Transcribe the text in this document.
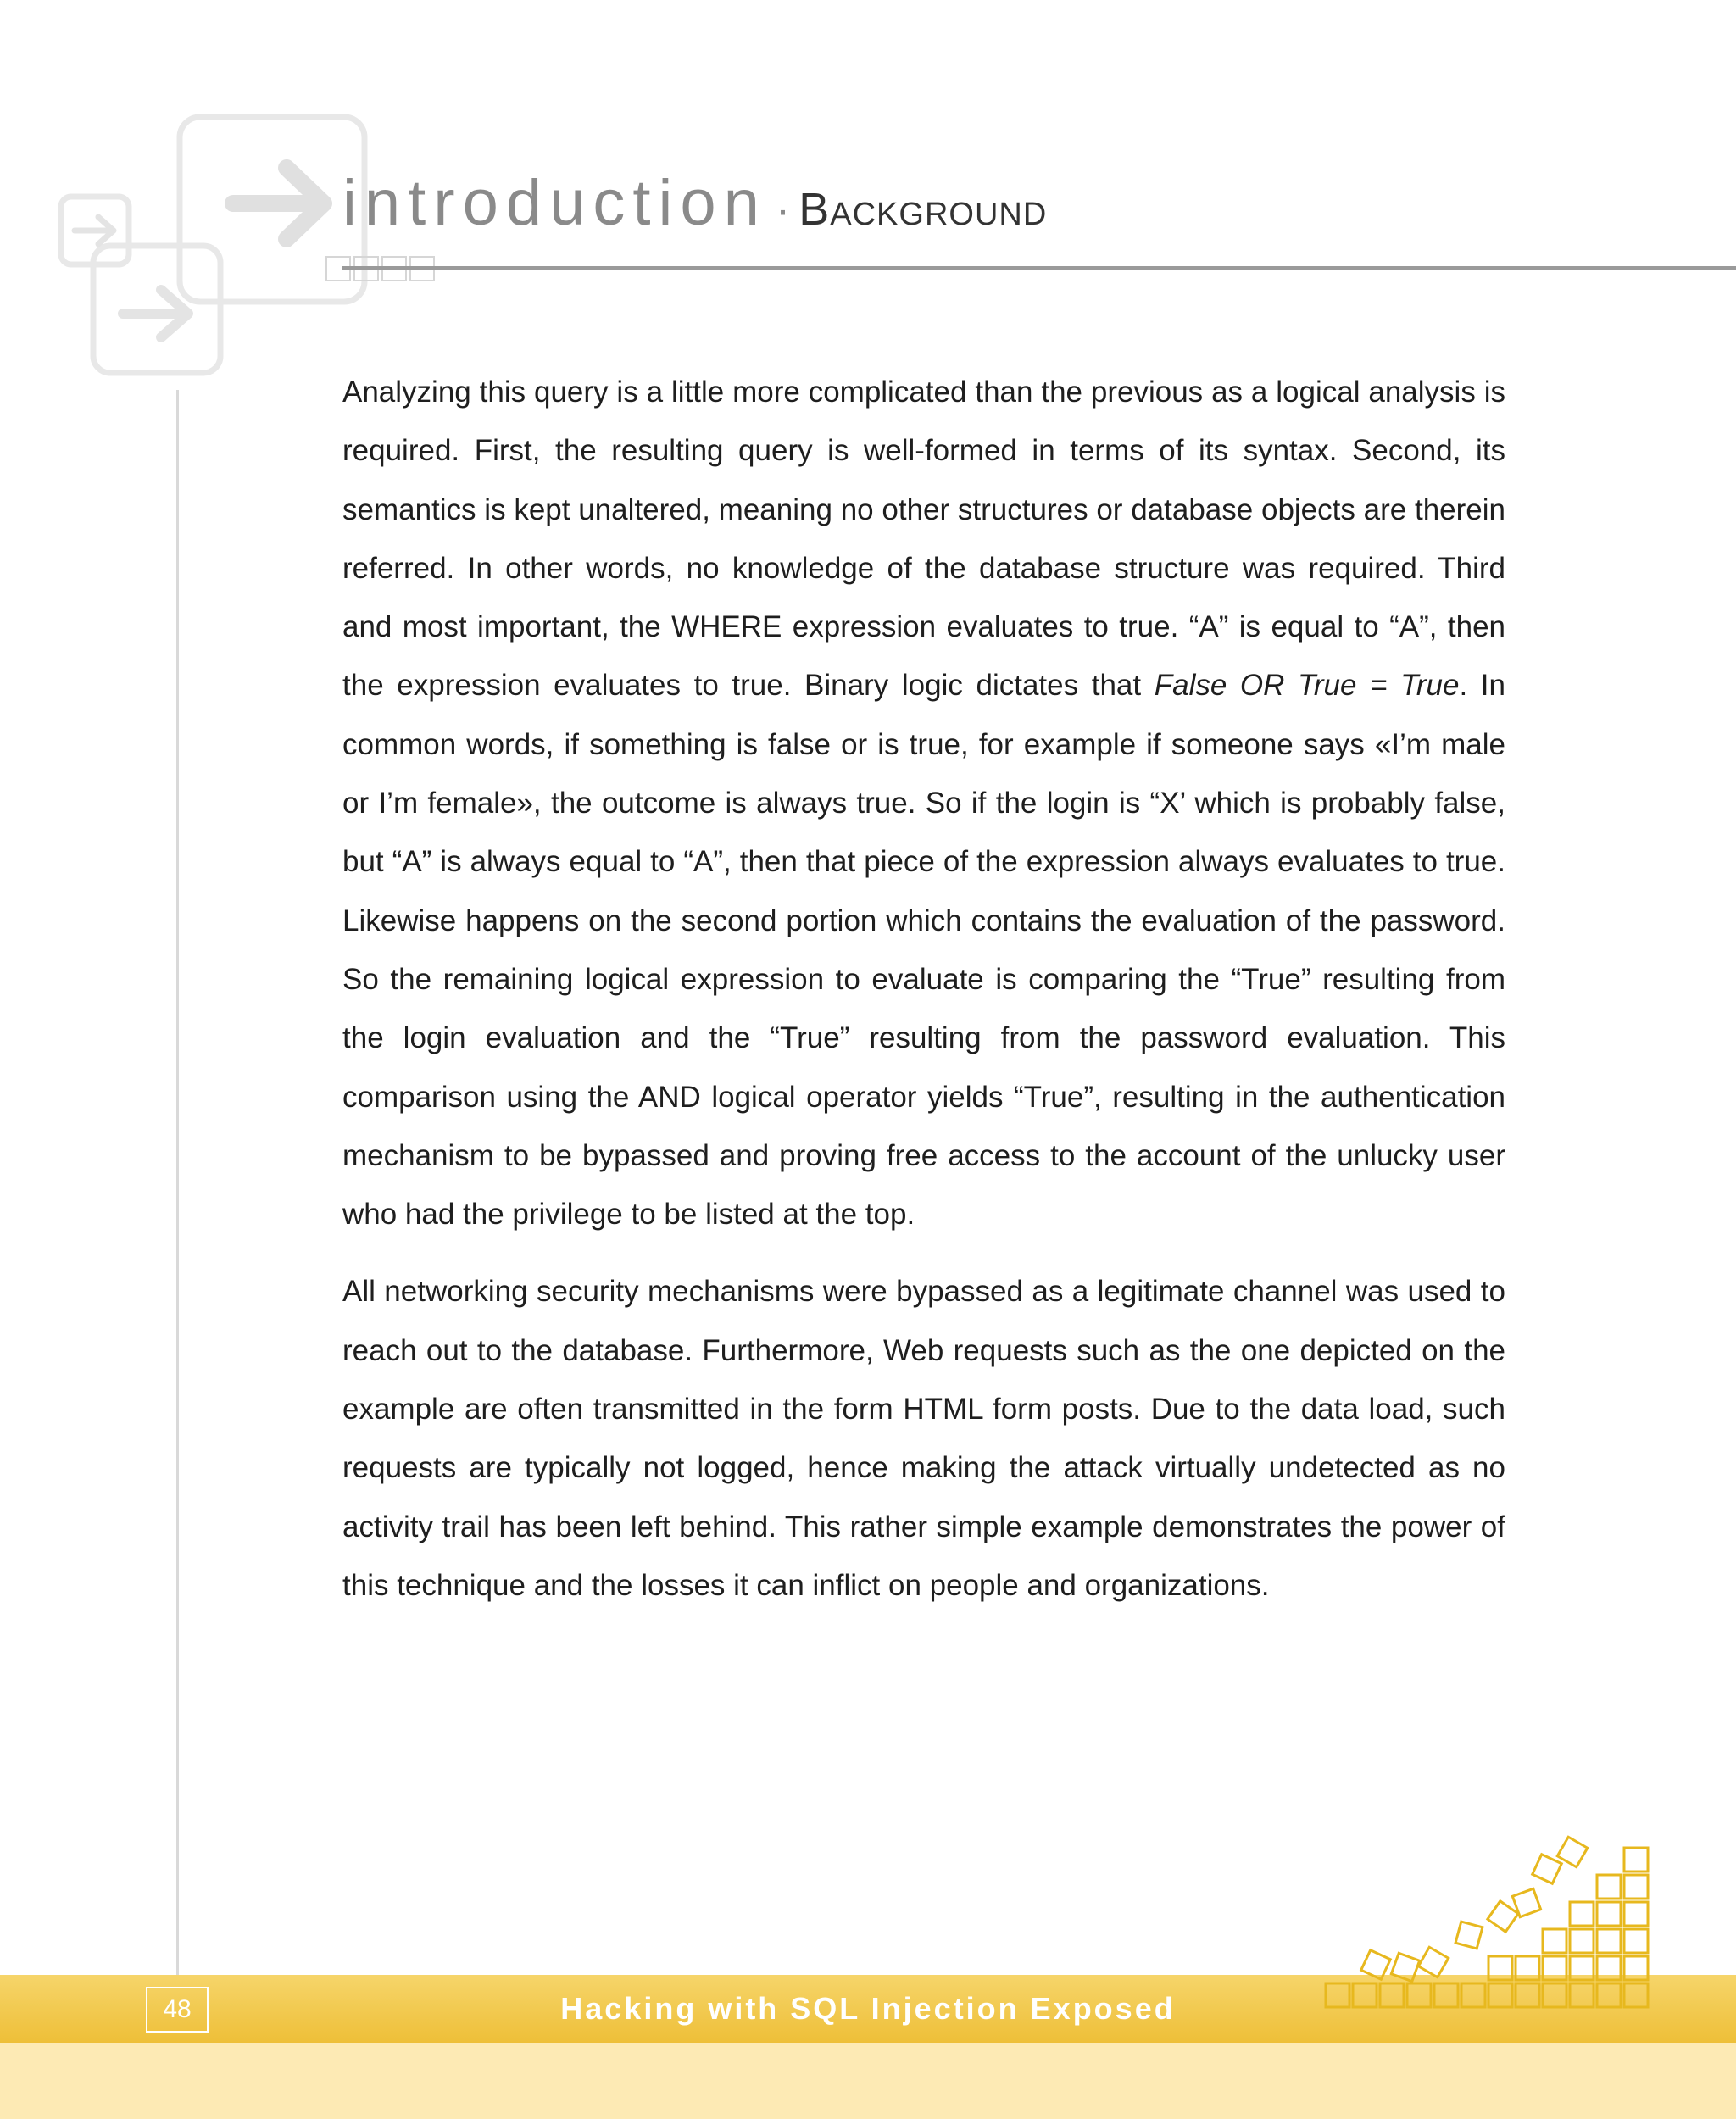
introduction · Background

Analyzing this query is a little more complicated than the previous as a logical analysis is required. First, the resulting query is well-formed in terms of its syntax. Second, its semantics is kept unaltered, meaning no other structures or database objects are therein referred. In other words, no knowledge of the database structure was required. Third and most important, the WHERE expression evaluates to true. “A” is equal to “A”, then the expression evaluates to true. Binary logic dictates that False OR True = True. In common words, if something is false or is true, for example if someone says «I’m male or I’m female», the outcome is always true. So if the login is “X’ which is probably false, but “A” is always equal to “A”, then that piece of the expression always evaluates to true. Likewise happens on the second portion which contains the evaluation of the password. So the remaining logical expression to evaluate is comparing the “True” resulting from the login evaluation and the “True” resulting from the password evaluation. This comparison using the AND logical operator yields “True”, resulting in the authentication mechanism to be bypassed and proving free access to the account of the unlucky user who had the privilege to be listed at the top.

All networking security mechanisms were bypassed as a legitimate channel was used to reach out to the database. Furthermore, Web requests such as the one depicted on the example are often transmitted in the form HTML form posts. Due to the data load, such requests are typically not logged, hence making the attack virtually undetected as no activity trail has been left behind. This rather simple example demonstrates the power of this technique and the losses it can inflict on people and organizations.

48	Hacking with SQL Injection Exposed
